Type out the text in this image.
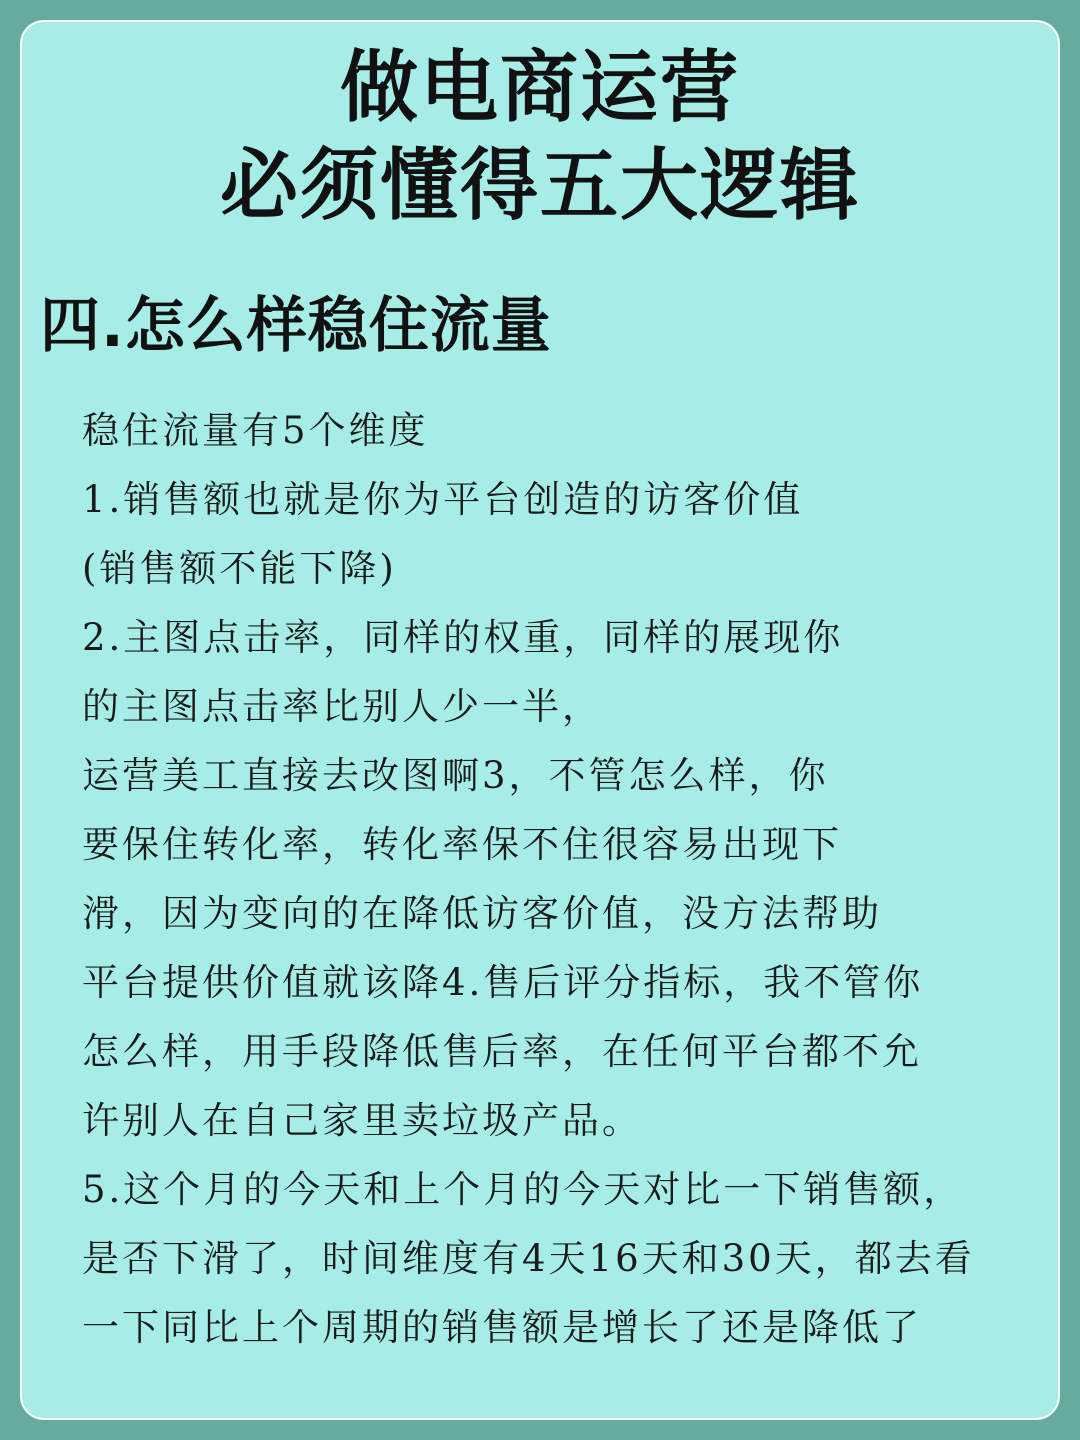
做电商运营
必须懂得五大逻辑
四.怎么样稳住流量
稳住流量有5个维度
1.销售额也就是你为平台创造的访客价值
(销售额不能下降)
2.主图点击率，同样的权重，同样的展现你
的主图点击率比别人少一半，
运营美工直接去改图啊3，不管怎么样，你
要保住转化率，转化率保不住很容易出现下
滑，因为变向的在降低访客价值，没方法帮助
平台提供价值就该降4.售后评分指标，我不管你
怎么样，用手段降低售后率，在任何平台都不允
许别人在自己家里卖垃圾产品。
5.这个月的今天和上个月的今天对比一下销售额，
是否下滑了，时间维度有4天16天和30天，都去看
一下同比上个周期的销售额是增长了还是降低了
